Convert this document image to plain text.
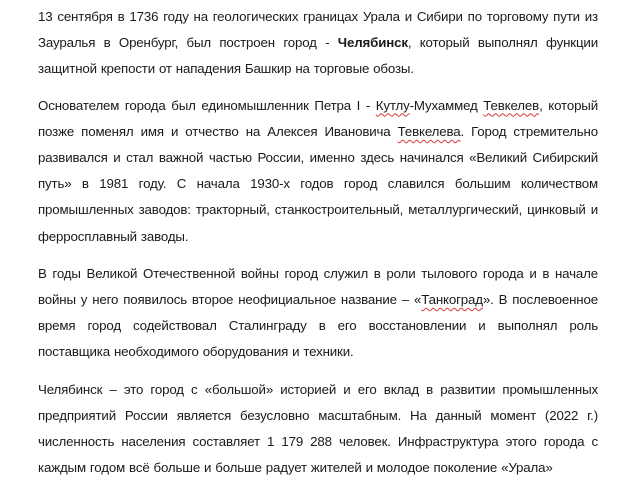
13 сентября в 1736 году на геологических границах Урала и Сибири по торговому пути из Зауралья в Оренбург, был построен город - Челябинск, который выполнял функции защитной крепости от нападения Башкир на торговые обозы.

Основателем города был единомышленник Петра I - Кутлу-Мухаммед Тевкелев, который позже поменял имя и отчество на Алексея Ивановича Тевкелева. Город стремительно развивался и стал важной частью России, именно здесь начинался «Великий Сибирский путь» в 1981 году. С начала 1930-х годов город славился большим количеством промышленных заводов: тракторный, станкостроительный, металлургический, цинковый и ферросплавный заводы.

В годы Великой Отечественной войны город служил в роли тылового города и в начале войны у него появилось второе неофициальное название – «Танкоград». В послевоенное время город содействовал Сталинграду в его восстановлении и выполнял роль поставщика необходимого оборудования и техники.

Челябинск – это город с «большой» историей и его вклад в развитии промышленных предприятий России является безусловно масштабным. На данный момент (2022 г.) численность населения составляет 1 179 288 человек. Инфраструктура этого города с каждым годом всё больше и больше радует жителей и молодое поколение «Урала»
